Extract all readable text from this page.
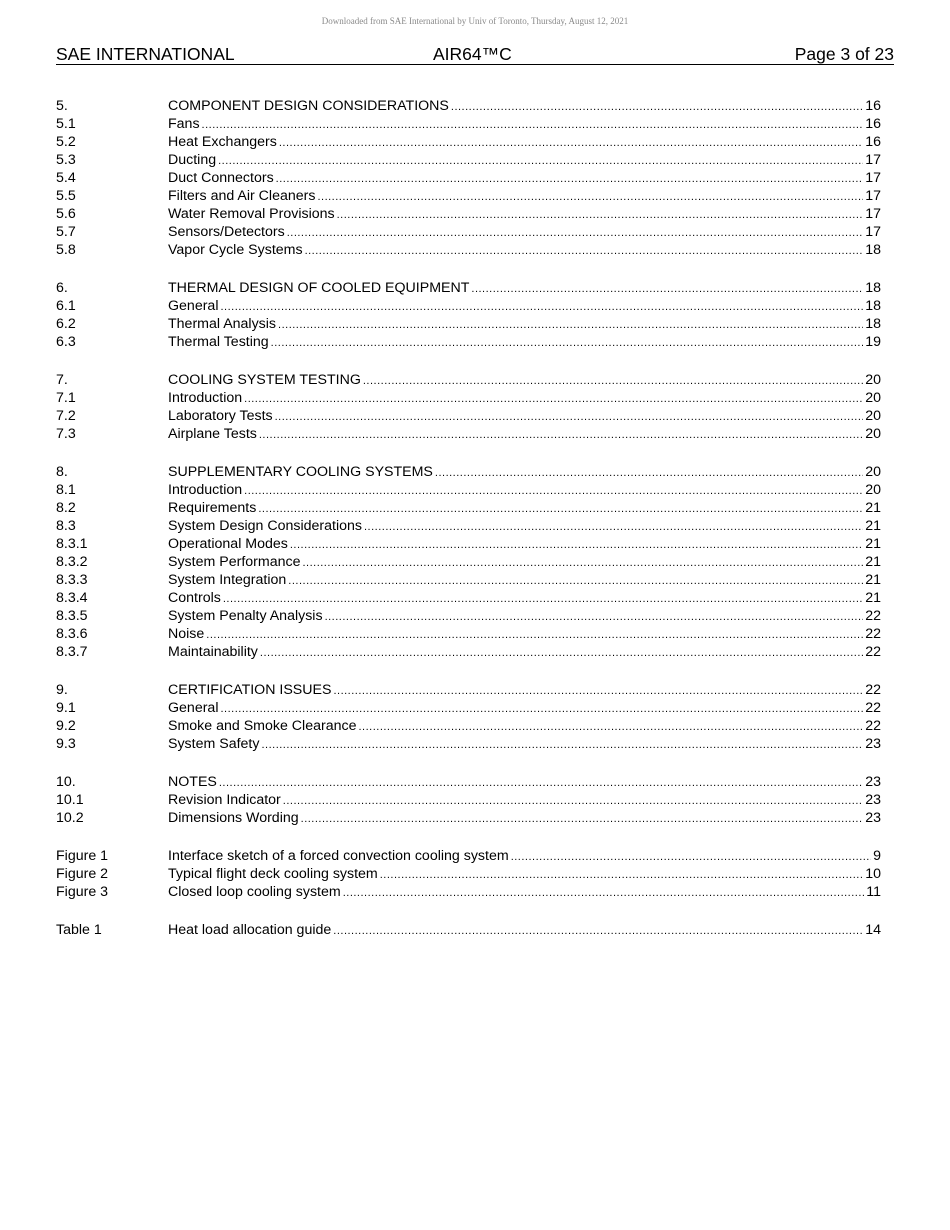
Downloaded from SAE International by Univ of Toronto, Thursday, August 12, 2021
SAE INTERNATIONAL	AIR64™C	Page 3 of 23
5.	COMPONENT DESIGN CONSIDERATIONS .....	16
5.1	Fans .....	16
5.2	Heat Exchangers .....	16
5.3	Ducting .....	17
5.4	Duct Connectors .....	17
5.5	Filters and Air Cleaners .....	17
5.6	Water Removal Provisions .....	17
5.7	Sensors/Detectors .....	17
5.8	Vapor Cycle Systems .....	18
6.	THERMAL DESIGN OF COOLED EQUIPMENT .....	18
6.1	General .....	18
6.2	Thermal Analysis .....	18
6.3	Thermal Testing .....	19
7.	COOLING SYSTEM TESTING .....	20
7.1	Introduction .....	20
7.2	Laboratory Tests .....	20
7.3	Airplane Tests .....	20
8.	SUPPLEMENTARY COOLING SYSTEMS .....	20
8.1	Introduction .....	20
8.2	Requirements .....	21
8.3	System Design Considerations .....	21
8.3.1	Operational Modes .....	21
8.3.2	System Performance .....	21
8.3.3	System Integration .....	21
8.3.4	Controls .....	21
8.3.5	System Penalty Analysis .....	22
8.3.6	Noise .....	22
8.3.7	Maintainability .....	22
9.	CERTIFICATION ISSUES .....	22
9.1	General .....	22
9.2	Smoke and Smoke Clearance .....	22
9.3	System Safety .....	23
10.	NOTES .....	23
10.1	Revision Indicator .....	23
10.2	Dimensions Wording .....	23
Figure 1	Interface sketch of a forced convection cooling system .....	9
Figure 2	Typical flight deck cooling system .....	10
Figure 3	Closed loop cooling system .....	11
Table 1	Heat load allocation guide .....	14
